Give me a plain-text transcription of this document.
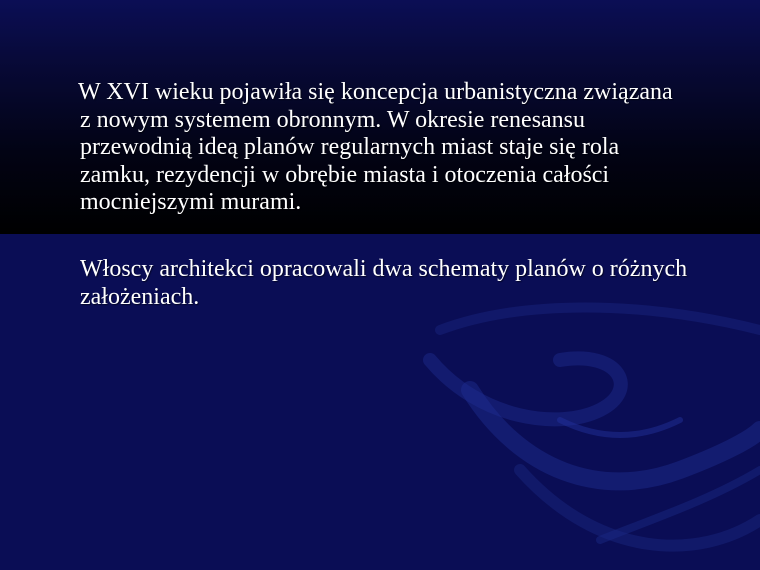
W XVI wieku pojawiła się koncepcja urbanistyczna związana
z nowym systemem obronnym. W okresie renesansu
przewodnią ideą planów regularnych miast staje się rola
zamku, rezydencji w obrębie miasta i otoczenia całości
mocniejszymi murami.

Włoscy architekci opracowali dwa schematy planów o różnych
założeniach.
